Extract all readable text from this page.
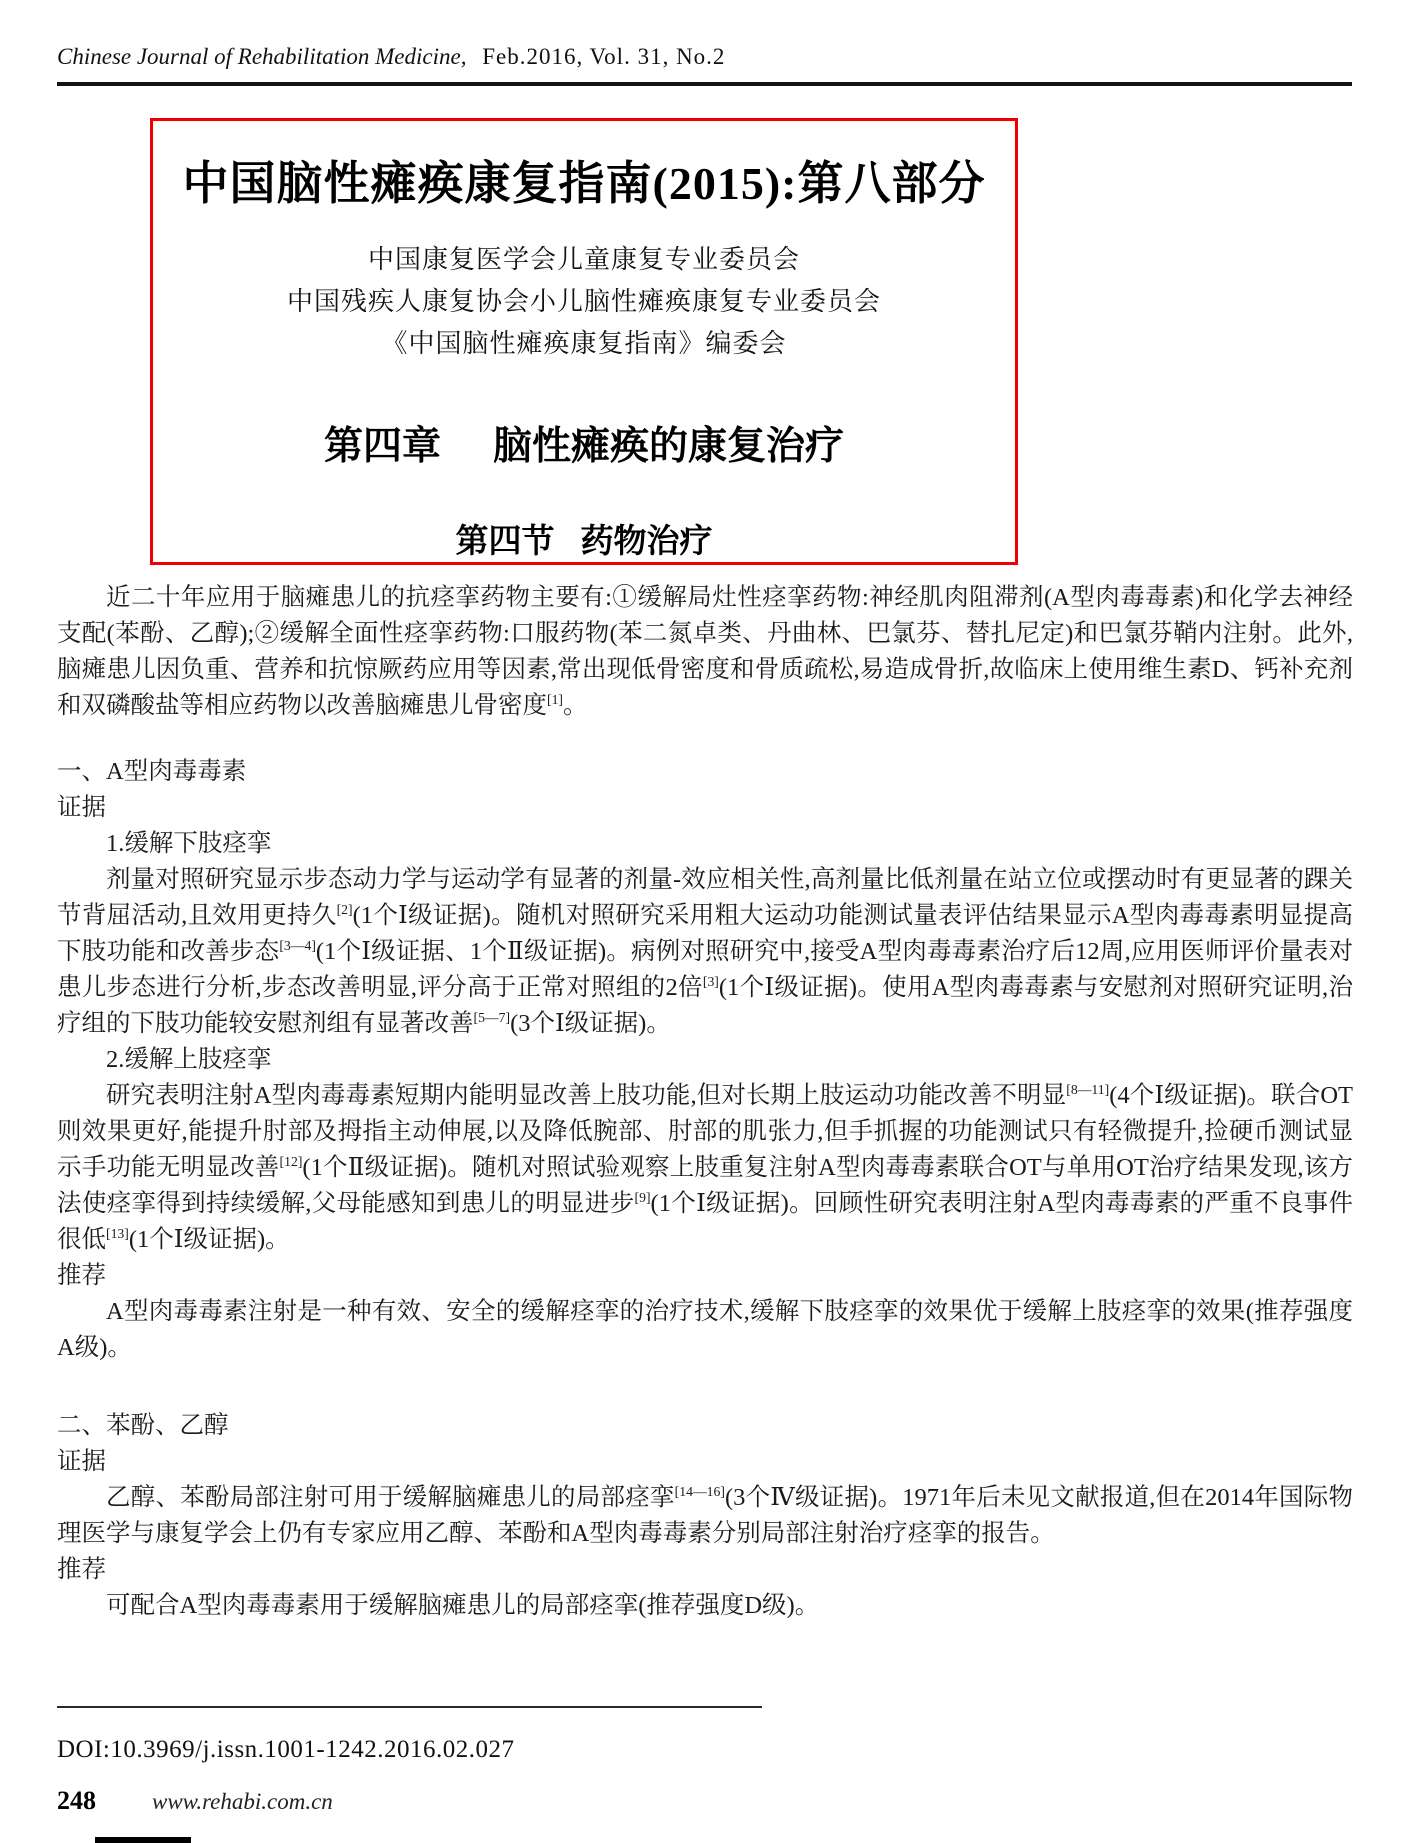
Chinese Journal of Rehabilitation Medicine, Feb.2016, Vol. 31, No.2
中国脑性瘫痪康复指南(2015):第八部分
中国康复医学会儿童康复专业委员会
中国残疾人康复协会小儿脑性瘫痪康复专业委员会
《中国脑性瘫痪康复指南》编委会
第四章 脑性瘫痪的康复治疗
第四节 药物治疗

近二十年应用于脑瘫患儿的抗痉挛药物主要有:①缓解局灶性痉挛药物:神经肌肉阻滞剂(A型肉毒毒素)和化学去神经支配(苯酚、乙醇);②缓解全面性痉挛药物:口服药物(苯二氮卓类、丹曲林、巴氯芬、替扎尼定)和巴氯芬鞘内注射。此外,脑瘫患儿因负重、营养和抗惊厥药应用等因素,常出现低骨密度和骨质疏松,易造成骨折,故临床上使用维生素D、钙补充剂和双磷酸盐等相应药物以改善脑瘫患儿骨密度[1]。

一、A型肉毒毒素
证据
1.缓解下肢痉挛

剂量对照研究显示步态动力学与运动学有显著的剂量-效应相关性,高剂量比低剂量在站立位或摆动时有更显著的踝关节背屈活动,且效用更持久[2](1个Ⅰ级证据)。随机对照研究采用粗大运动功能测试量表评估结果显示A型肉毒毒素明显提高下肢功能和改善步态[3—4](1个Ⅰ级证据、1个Ⅱ级证据)。病例对照研究中,接受A型肉毒毒素治疗后12周,应用医师评价量表对患儿步态进行分析,步态改善明显,评分高于正常对照组的2倍[3](1个Ⅰ级证据)。使用A型肉毒毒素与安慰剂对照研究证明,治疗组的下肢功能较安慰剂组有显著改善[5—7](3个Ⅰ级证据)。

2.缓解上肢痉挛

研究表明注射A型肉毒毒素短期内能明显改善上肢功能,但对长期上肢运动功能改善不明显[8—11](4个Ⅰ级证据)。联合OT则效果更好,能提升肘部及拇指主动伸展,以及降低腕部、肘部的肌张力,但手抓握的功能测试只有轻微提升,捡硬币测试显示手功能无明显改善[12](1个Ⅱ级证据)。随机对照试验观察上肢重复注射A型肉毒毒素联合OT与单用OT治疗结果发现,该方法使痉挛得到持续缓解,父母能感知到患儿的明显进步[9](1个Ⅰ级证据)。回顾性研究表明注射A型肉毒毒素的严重不良事件很低[13](1个Ⅰ级证据)。

推荐

A型肉毒毒素注射是一种有效、安全的缓解痉挛的治疗技术,缓解下肢痉挛的效果优于缓解上肢痉挛的效果(推荐强度A级)。

二、苯酚、乙醇
证据

乙醇、苯酚局部注射可用于缓解脑瘫患儿的局部痉挛[14—16](3个Ⅳ级证据)。1971年后未见文献报道,但在2014年国际物理医学与康复学会上仍有专家应用乙醇、苯酚和A型肉毒毒素分别局部注射治疗痉挛的报告。

推荐

可配合A型肉毒毒素用于缓解脑瘫患儿的局部痉挛(推荐强度D级)。

DOI:10.3969/j.issn.1001-1242.2016.02.027
248 www.rehabi.com.cn
